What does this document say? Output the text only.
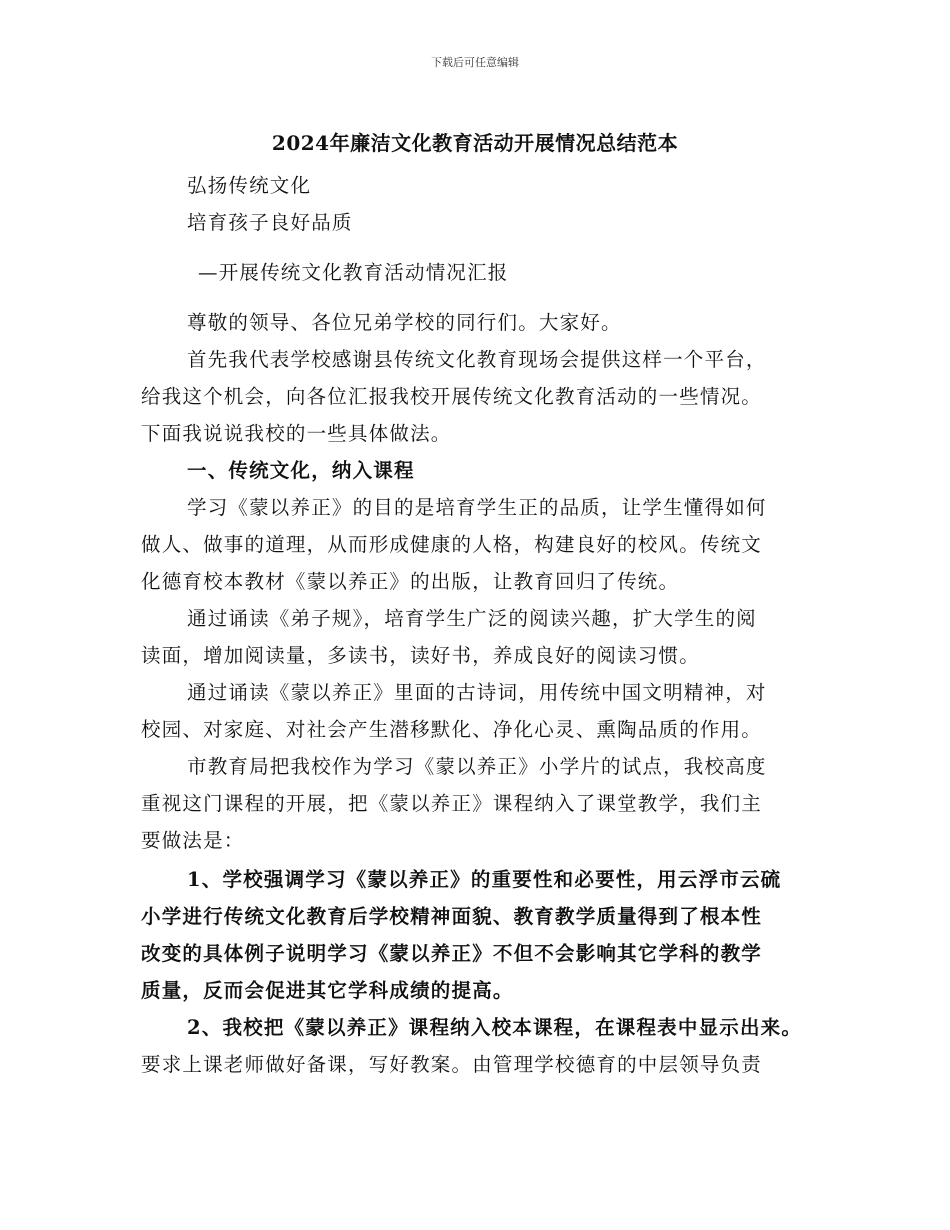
下载后可任意编辑
2024年廉洁文化教育活动开展情况总结范本
弘扬传统文化
培育孩子良好品质
—开展传统文化教育活动情况汇报
尊敬的领导、各位兄弟学校的同行们。大家好。
首先我代表学校感谢县传统文化教育现场会提供这样一个平台，
给我这个机会，向各位汇报我校开展传统文化教育活动的一些情况。
下面我说说我校的一些具体做法。
一、传统文化，纳入课程
学习《蒙以养正》的目的是培育学生正的品质，让学生懂得如何
做人、做事的道理，从而形成健康的人格，构建良好的校风。传统文
化德育校本教材《蒙以养正》的出版，让教育回归了传统。
通过诵读《弟子规》，培育学生广泛的阅读兴趣，扩大学生的阅
读面，增加阅读量，多读书，读好书，养成良好的阅读习惯。
通过诵读《蒙以养正》里面的古诗词，用传统中国文明精神，对
校园、对家庭、对社会产生潜移默化、净化心灵、熏陶品质的作用。
市教育局把我校作为学习《蒙以养正》小学片的试点，我校高度
重视这门课程的开展，把《蒙以养正》课程纳入了课堂教学，我们主
要做法是：
1、学校强调学习《蒙以养正》的重要性和必要性，用云浮市云硫
小学进行传统文化教育后学校精神面貌、教育教学质量得到了根本性
改变的具体例子说明学习《蒙以养正》不但不会影响其它学科的教学
质量，反而会促进其它学科成绩的提高。
2、我校把《蒙以养正》课程纳入校本课程，在课程表中显示出来。
要求上课老师做好备课，写好教案。由管理学校德育的中层领导负责
